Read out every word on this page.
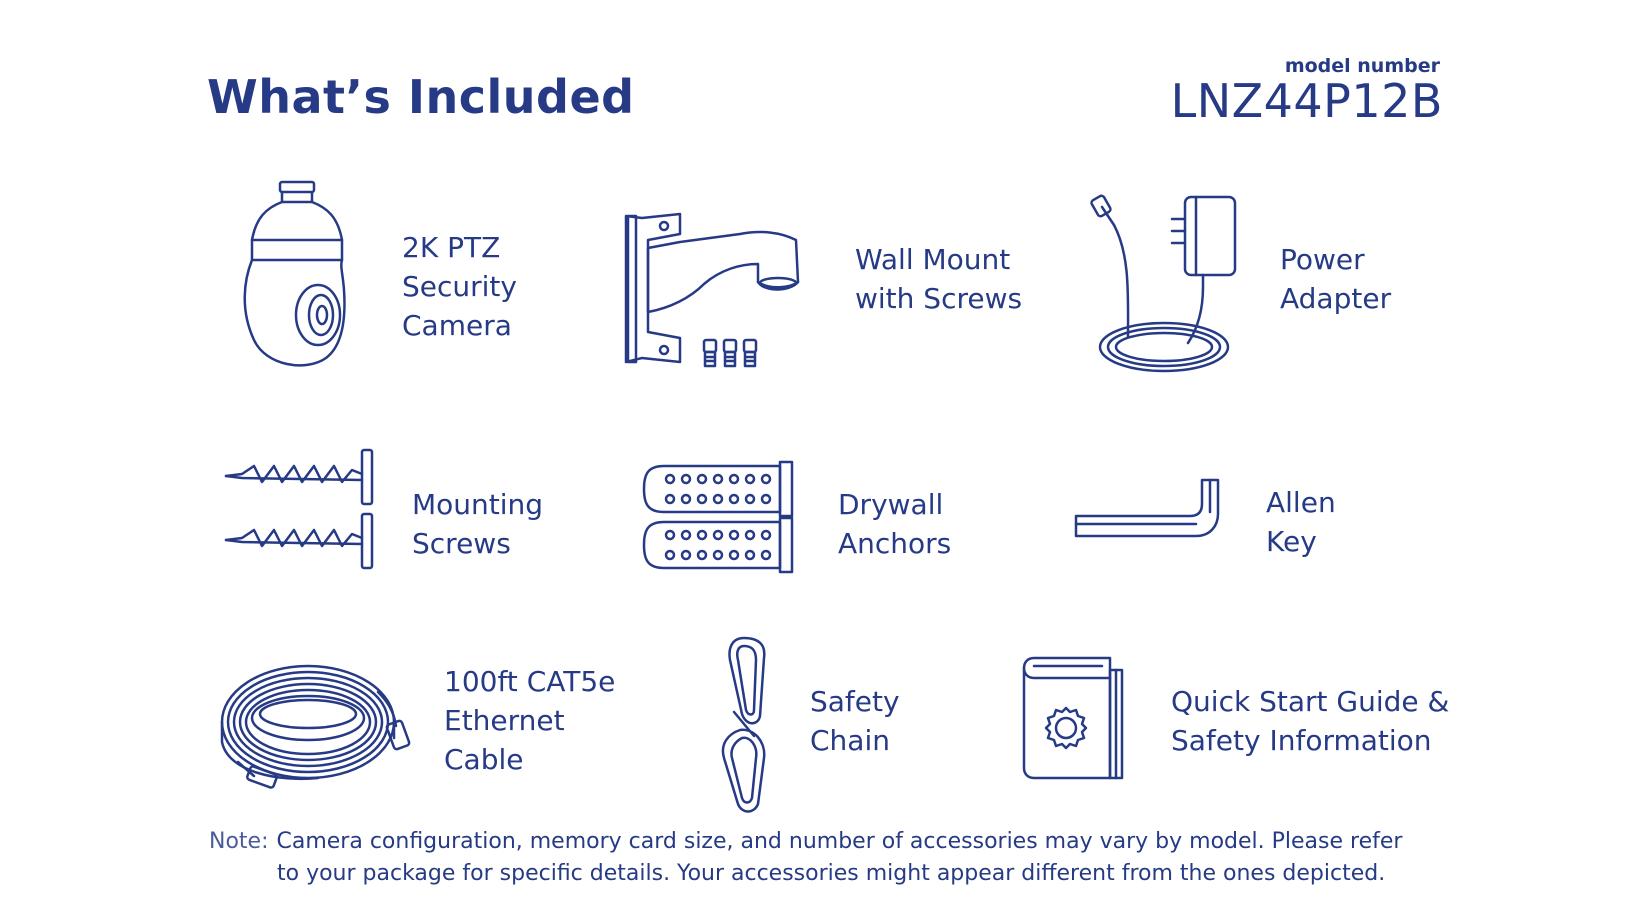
What’s Included
model number
LNZ44P12B
2K PTZ
Security
Camera
Wall Mount
with Screws
Power
Adapter
Mounting
Screws
Drywall
Anchors
Allen
Key
100ft CAT5e
Ethernet
Cable
Safety
Chain
Quick Start Guide &
Safety Information
Note: Camera configuration, memory card size, and number of accessories may vary by model. Please refer
to your package for specific details. Your accessories might appear different from the ones depicted.
